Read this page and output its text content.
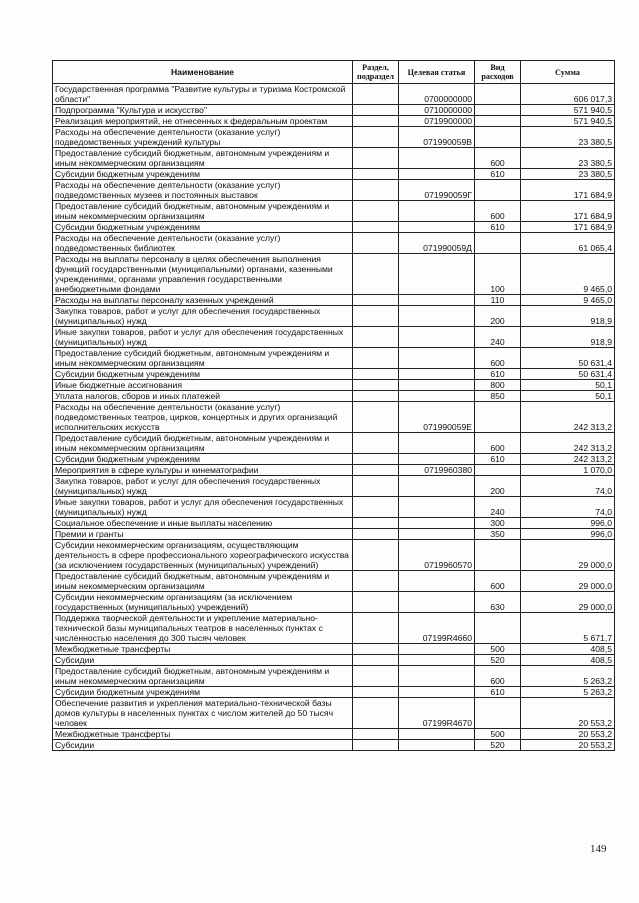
Наименование	Раздел, подраздел	Целевая статья	Вид расходов	Сумма
Государственная программа "Развитие культуры и туризма Костромской области"		0700000000		606 017,3
Подпрограмма "Культура и искусство"		0710000000		571 940,5
Реализация мероприятий, не отнесенных к федеральным проектам		0719900000		571 940,5
Расходы на обеспечение деятельности (оказание услуг) подведомственных учреждений культуры		071990059В		23 380,5
Предоставление субсидий бюджетным, автономным учреждениям и иным некоммерческим организациям			600	23 380,5
Субсидии бюджетным учреждениям			610	23 380,5
Расходы на обеспечение деятельности (оказание услуг) подведомственных музеев и постоянных выставок		071990059Г		171 684,9
Предоставление субсидий бюджетным, автономным учреждениям и иным некоммерческим организациям			600	171 684,9
Субсидии бюджетным учреждениям			610	171 684,9
Расходы на обеспечение деятельности (оказание услуг) подведомственных библиотек		071990059Д		61 065,4
Расходы на выплаты персоналу в целях обеспечения выполнения функций государственными (муниципальными) органами, казенными учреждениями, органами управления государственными внебюджетными фондами			100	9 465,0
Расходы на выплаты персоналу казенных учреждений			110	9 465,0
Закупка товаров, работ и услуг для обеспечения государственных (муниципальных) нужд			200	918,9
Иные закупки товаров, работ и услуг для обеспечения государственных (муниципальных) нужд			240	918,9
Предоставление субсидий бюджетным, автономным учреждениям и иным некоммерческим организациям			600	50 631,4
Субсидии бюджетным учреждениям			610	50 631,4
Иные бюджетные ассигнования			800	50,1
Уплата налогов, сборов и иных платежей			850	50,1
Расходы на обеспечение деятельности (оказание услуг) подведомственных театров, цирков, концертных и других организаций исполнительских искусств		071990059Е		242 313,2
Предоставление субсидий бюджетным, автономным учреждениям и иным некоммерческим организациям			600	242 313,2
Субсидии бюджетным учреждениям			610	242 313,2
Мероприятия в сфере культуры и кинематографии		0719960380		1 070,0
Закупка товаров, работ и услуг для обеспечения государственных (муниципальных) нужд			200	74,0
Иные закупки товаров, работ и услуг для обеспечения государственных (муниципальных) нужд			240	74,0
Социальное обеспечение и иные выплаты населению			300	996,0
Премии и гранты			350	996,0
Субсидии некоммерческим организациям, осуществляющим деятельность в сфере профессионального хореографического искусства (за исключением государственных (муниципальных) учреждений)		0719960570		29 000,0
Предоставление субсидий бюджетным, автономным учреждениям и иным некоммерческим организациям			600	29 000,0
Субсидии некоммерческим организациям (за исключением государственных (муниципальных) учреждений)			630	29 000,0
Поддержка творческой деятельности и укрепление материально-технической базы муниципальных театров в населенных пунктах с численностью населения до 300 тысяч человек		07199R4660		5 671,7
Межбюджетные трансферты			500	408,5
Субсидии			520	408,5
Предоставление субсидий бюджетным, автономным учреждениям и иным некоммерческим организациям			600	5 263,2
Субсидии бюджетным учреждениям			610	5 263,2
Обеспечение развития и укрепления материально-технической базы домов культуры в населенных пунктах с числом жителей до 50 тысяч человек		07199R4670		20 553,2
Межбюджетные трансферты			500	20 553,2
Субсидии			520	20 553,2
149
